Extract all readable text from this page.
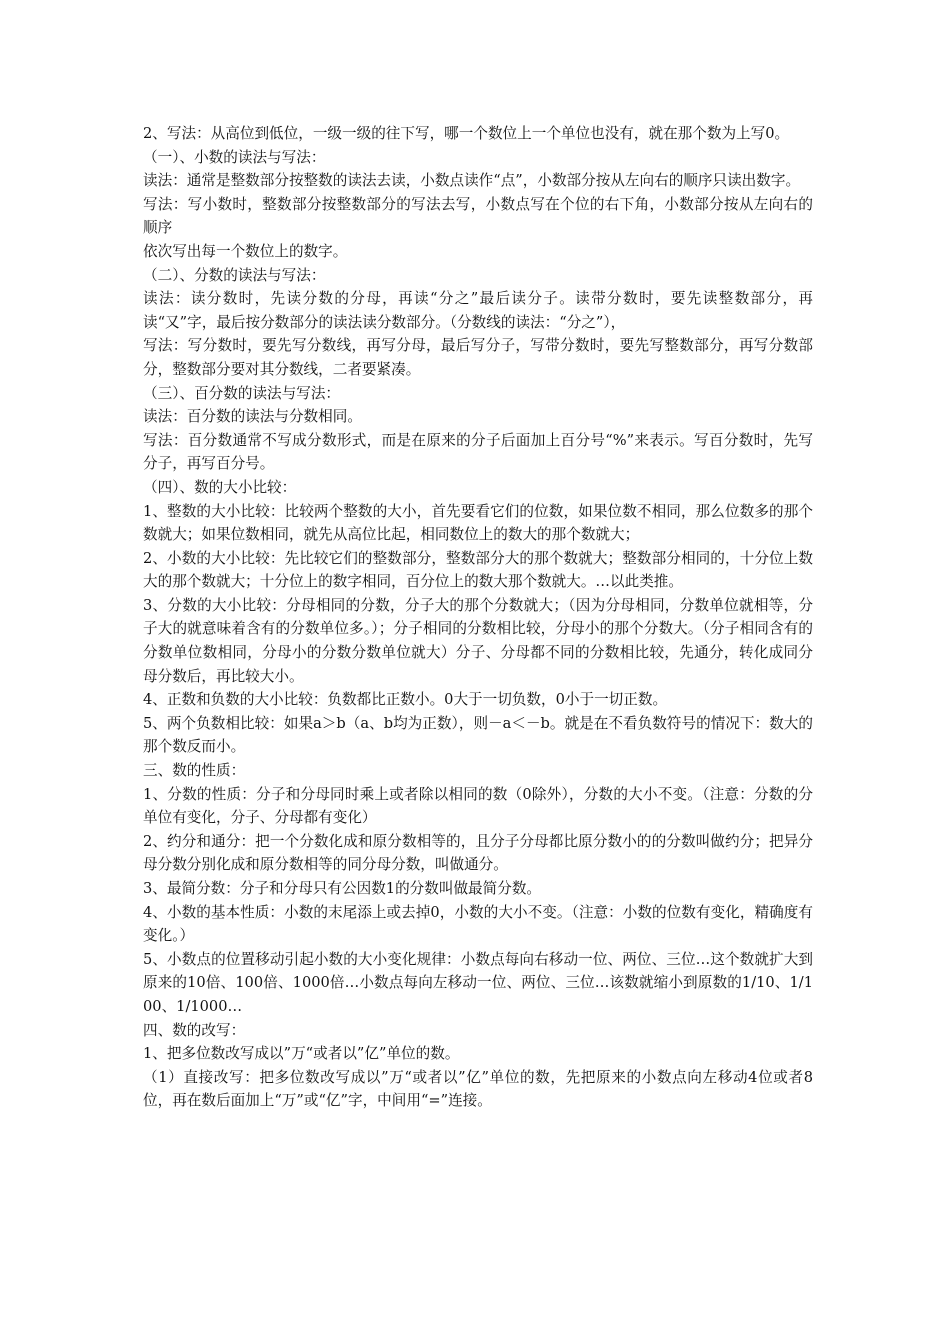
2、写法：从高位到低位，一级一级的往下写，哪一个数位上一个单位也没有，就在那个数为上写0。

（一）、小数的读法与写法：

读法：通常是整数部分按整数的读法去读，小数点读作“点”，小数部分按从左向右的顺序只读出数字。

写法：写小数时，整数部分按整数部分的写法去写，小数点写在个位的右下角，小数部分按从左向右的顺序

依次写出每一个数位上的数字。

（二）、分数的读法与写法：

读法：读分数时，先读分数的分母，再读“分之”最后读分子。读带分数时，要先读整数部分，再读“又”字，最后按分数部分的读法读分数部分。（分数线的读法：“分之”），

写法：写分数时，要先写分数线，再写分母，最后写分子，写带分数时，要先写整数部分，再写分数部分，整数部分要对其分数线，二者要紧凑。

（三）、百分数的读法与写法：

读法：百分数的读法与分数相同。

写法：百分数通常不写成分数形式，而是在原来的分子后面加上百分号“%”来表示。写百分数时，先写分子，再写百分号。

（四）、数的大小比较：

1、整数的大小比较：比较两个整数的大小，首先要看它们的位数，如果位数不相同，那么位数多的那个数就大；如果位数相同，就先从高位比起，相同数位上的数大的那个数就大；

2、小数的大小比较：先比较它们的整数部分，整数部分大的那个数就大；整数部分相同的，十分位上数大的那个数就大；十分位上的数字相同，百分位上的数大那个数就大。…以此类推。

3、分数的大小比较：分母相同的分数，分子大的那个分数就大；（因为分母相同，分数单位就相等，分子大的就意味着含有的分数单位多。）；分子相同的分数相比较，分母小的那个分数大。（分子相同含有的分数单位数相同，分母小的分数分数单位就大）分子、分母都不同的分数相比较，先通分，转化成同分母分数后，再比较大小。

4、正数和负数的大小比较：负数都比正数小。0大于一切负数，0小于一切正数。

5、两个负数相比较：如果a＞b（a、b均为正数），则－a＜－b。就是在不看负数符号的情况下：数大的那个数反而小。

三、数的性质：

1、分数的性质：分子和分母同时乘上或者除以相同的数（0除外），分数的大小不变。（注意：分数的分单位有变化，分子、分母都有变化）

2、约分和通分：把一个分数化成和原分数相等的，且分子分母都比原分数小的的分数叫做约分；把异分母分数分别化成和原分数相等的同分母分数，叫做通分。

3、最简分数：分子和分母只有公因数1的分数叫做最简分数。

4、小数的基本性质：小数的末尾添上或去掉0，小数的大小不变。（注意：小数的位数有变化，精确度有变化。）

5、小数点的位置移动引起小数的大小变化规律：小数点每向右移动一位、两位、三位…这个数就扩大到原来的10倍、100倍、1000倍…小数点每向左移动一位、两位、三位…该数就缩小到原数的1/10、1/100、1/1000…

四、数的改写：

1、把多位数改写成以”万“或者以”亿”单位的数。

（1）直接改写：把多位数改写成以”万“或者以”亿”单位的数，先把原来的小数点向左移动4位或者8位，再在数后面加上“万”或“亿”字，中间用“=”连接。
